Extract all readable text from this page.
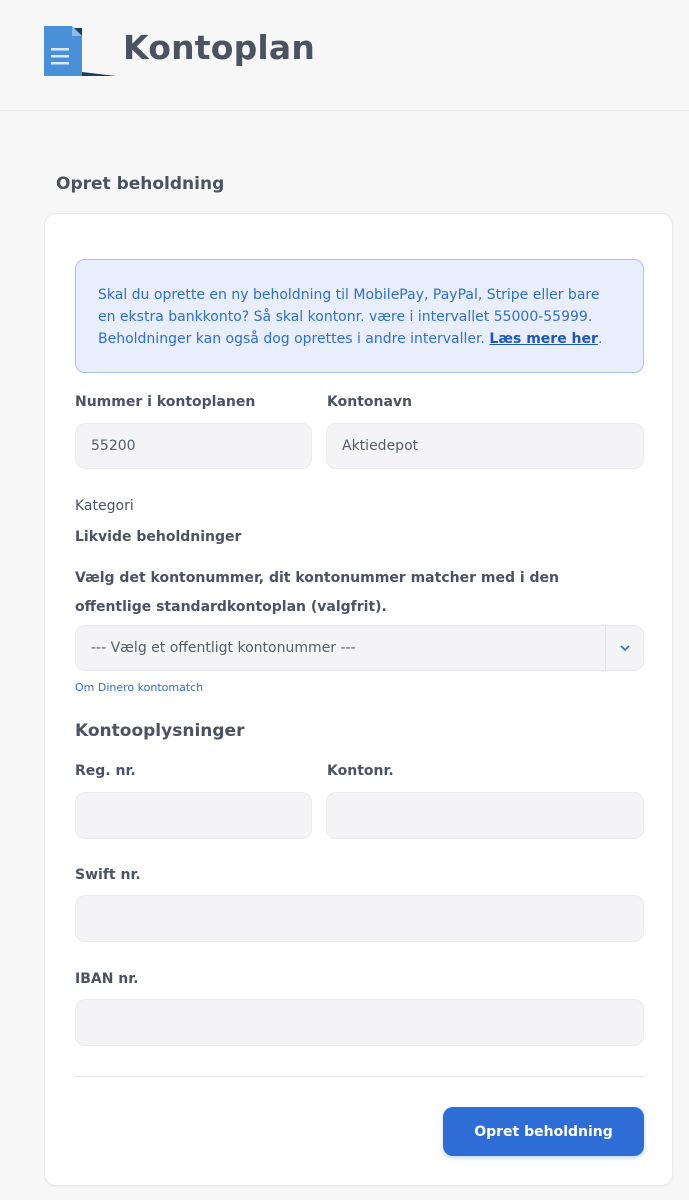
Kontoplan
Opret beholdning
Skal du oprette en ny beholdning til MobilePay, PayPal, Stripe eller bare en ekstra bankkonto? Så skal kontonr. være i intervallet 55000-55999. Beholdninger kan også dog oprettes i andre intervaller. Læs mere her.
Nummer i kontoplanen	Kontonavn
55200	Aktiedepot
Kategori
Likvide beholdninger
Vælg det kontonummer, dit kontonummer matcher med i den offentlige standardkontoplan (valgfrit).
--- Vælg et offentligt kontonummer ---
Om Dinero kontomatch
Kontooplysninger
Reg. nr.	Kontonr.
Swift nr.
IBAN nr.
Opret beholdning
